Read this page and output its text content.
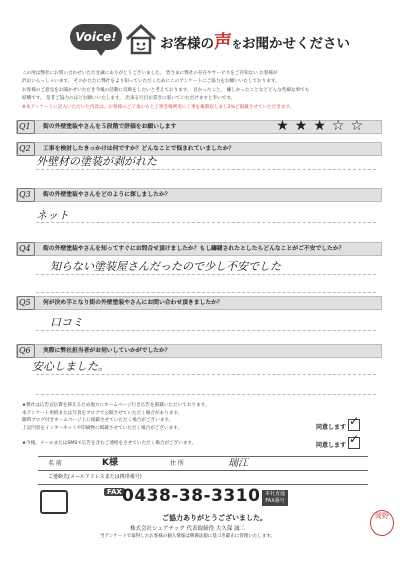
Voice!	お客様の声をお聞かせください
この度は弊社にお問い合わせいただき誠にありがとうございました。 皆さまに弊社の存在やサービスをご存知ない お客様が
沢山いらっしゃいます。 そのかたたに弊社をより知っていただくためにこのアンケートにご協力をお願いいたしております。
お客様のご意見をお聞かせいただき今後の活動に反映をしたいと考えております。 目かったこと、 嫌しかったことなどどんな些細な事でも
結構です。 是非ご協力のほどお願いいたします。 出来る行目お書きに家いていただけますと幸いです。
※本アンケートに記入いただいた内容は、お客様のご了承のもと工事会場例実に工事を後期収しまし2%ど掲載させていただきます。
Q1 街の外壁塗装やさんを５段階で評価をお願いします	★★★☆☆
Q2 工事を検討したきっかけは何ですか？どんなことで悩まれていましたか？
外壁材の塗装が剥がれた
Q3 街の外壁塗装やさんをどのように探しましたか？
ネット
Q4 街の外壁塗装やさんを知ってすぐにお問合せ頂けましたか？もし躊躇されたとしたらどんなことがご不安でしたか？
知らない塗装屋さんだったので少し不安でした
Q5 何が決め手となり街の外壁塗装やさんにお問い合わせ頂きましたか？
口コミ
Q6 実際に弊社担当者がお伺いしていかがでしたか？
安心しました。
★弊社は広告宣伝費を抑えるため地方にホームページ行き広告を掲載いただいております。
本アンケート用紙または写真をブログで公開させていただく場合があります。
随時ブログ付きホームページ上に掲載させていただく場合がございます。
上記内容をインターネットや印刷物に掲載させていただく場合がございます。	同意します ✓
★今後、メールまたはSMSで広告を含むご連絡をさせていただく場合がございます。	同意します ✓
名 前	K様	住 所	瑞江
ご連絡先(メールアドレスまたは携帯番号)
FAX 0438-38-3310 本社直通
FAX番号
ご協力ありがとうございました。
株式会社シェアテック 代表取締役 大久保 誠二
当アンケートで取得したお客様の個人情報は関係法規に基づき厳正に管理いたします。
岡野
